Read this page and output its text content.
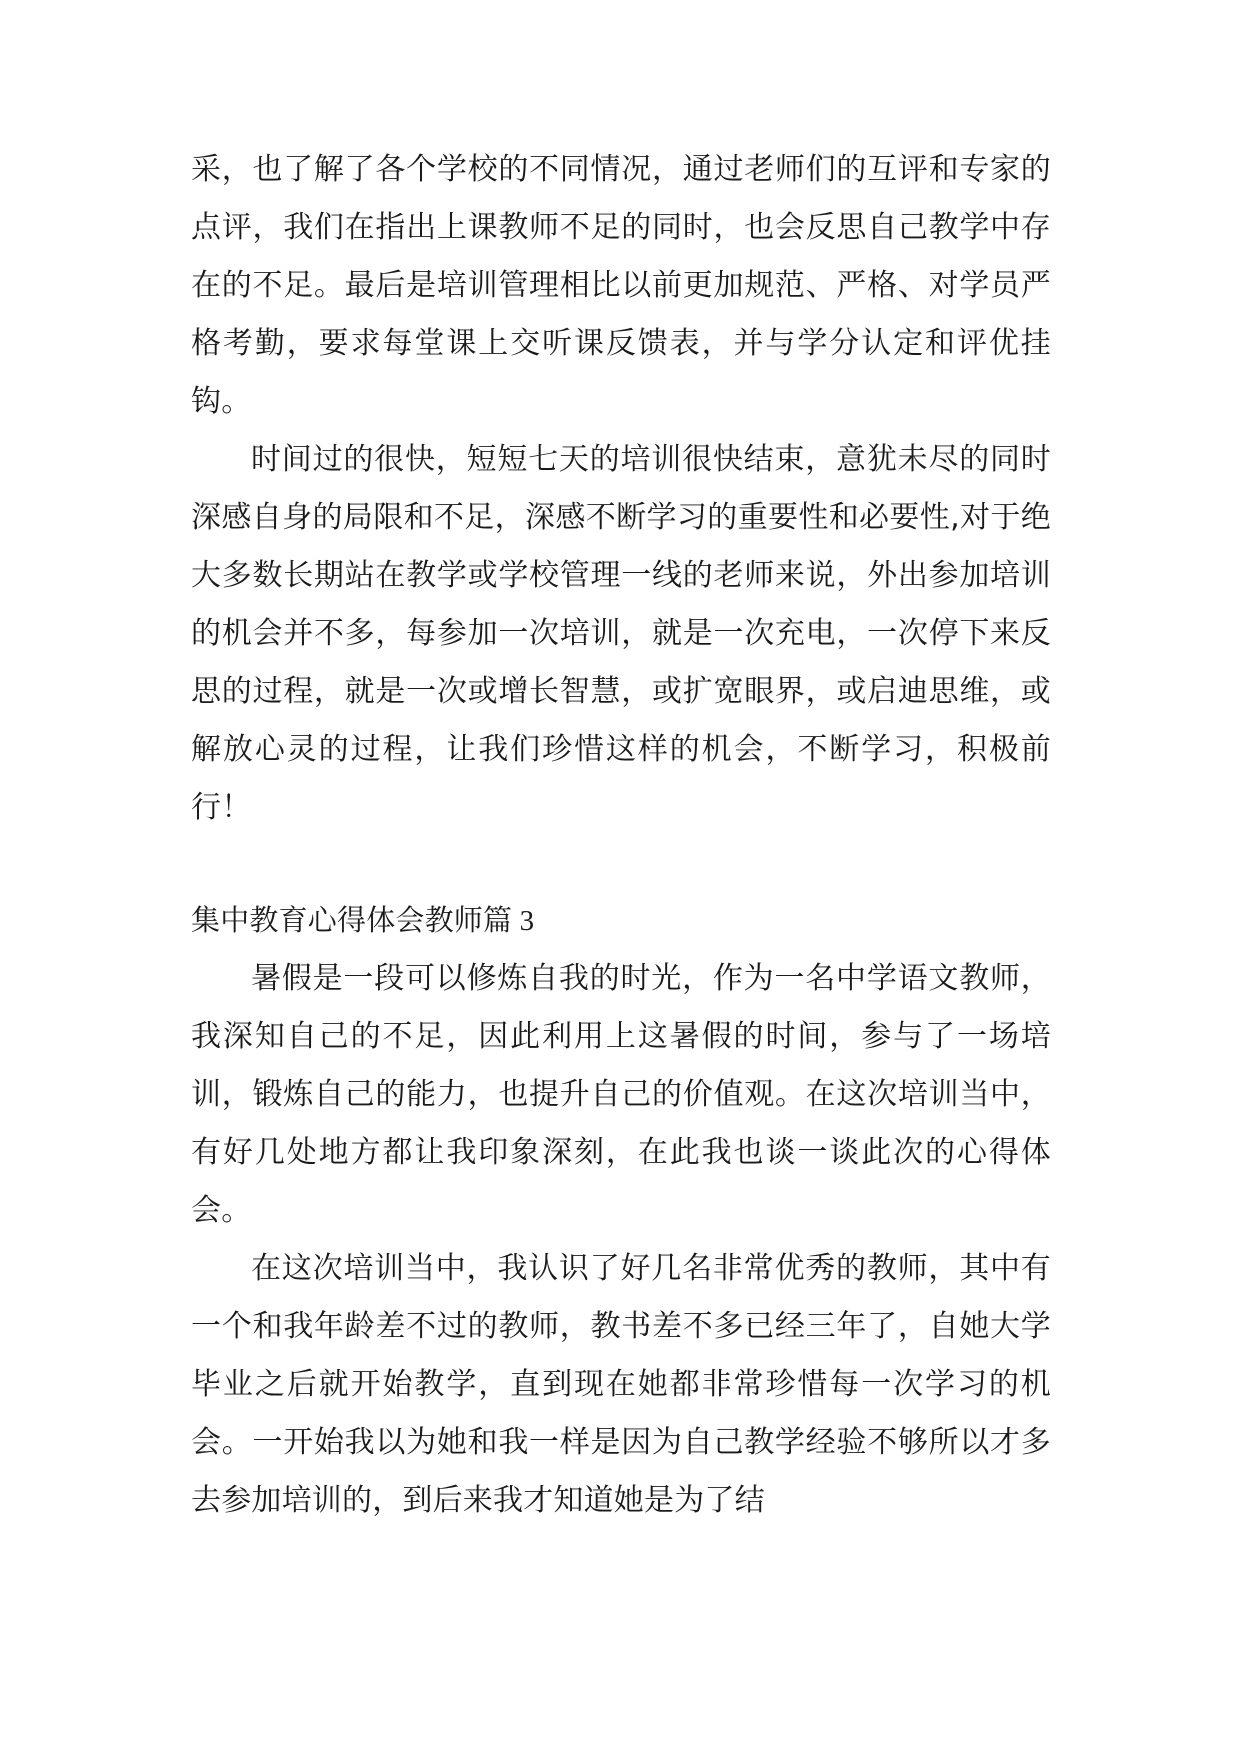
采，也了解了各个学校的不同情况，通过老师们的互评和专家的点评，我们在指出上课教师不足的同时，也会反思自己教学中存在的不足。最后是培训管理相比以前更加规范、严格、对学员严格考勤，要求每堂课上交听课反馈表，并与学分认定和评优挂钩。

时间过的很快，短短七天的培训很快结束，意犹未尽的同时深感自身的局限和不足，深感不断学习的重要性和必要性,对于绝大多数长期站在教学或学校管理一线的老师来说，外出参加培训的机会并不多，每参加一次培训，就是一次充电，一次停下来反思的过程，就是一次或增长智慧，或扩宽眼界，或启迪思维，或解放心灵的过程，让我们珍惜这样的机会，不断学习，积极前行！

集中教育心得体会教师篇 3

暑假是一段可以修炼自我的时光，作为一名中学语文教师，我深知自己的不足，因此利用上这暑假的时间，参与了一场培训，锻炼自己的能力，也提升自己的价值观。在这次培训当中，有好几处地方都让我印象深刻，在此我也谈一谈此次的心得体会。

在这次培训当中，我认识了好几名非常优秀的教师，其中有一个和我年龄差不过的教师，教书差不多已经三年了，自她大学毕业之后就开始教学，直到现在她都非常珍惜每一次学习的机会。一开始我以为她和我一样是因为自己教学经验不够所以才多去参加培训的，到后来我才知道她是为了结
